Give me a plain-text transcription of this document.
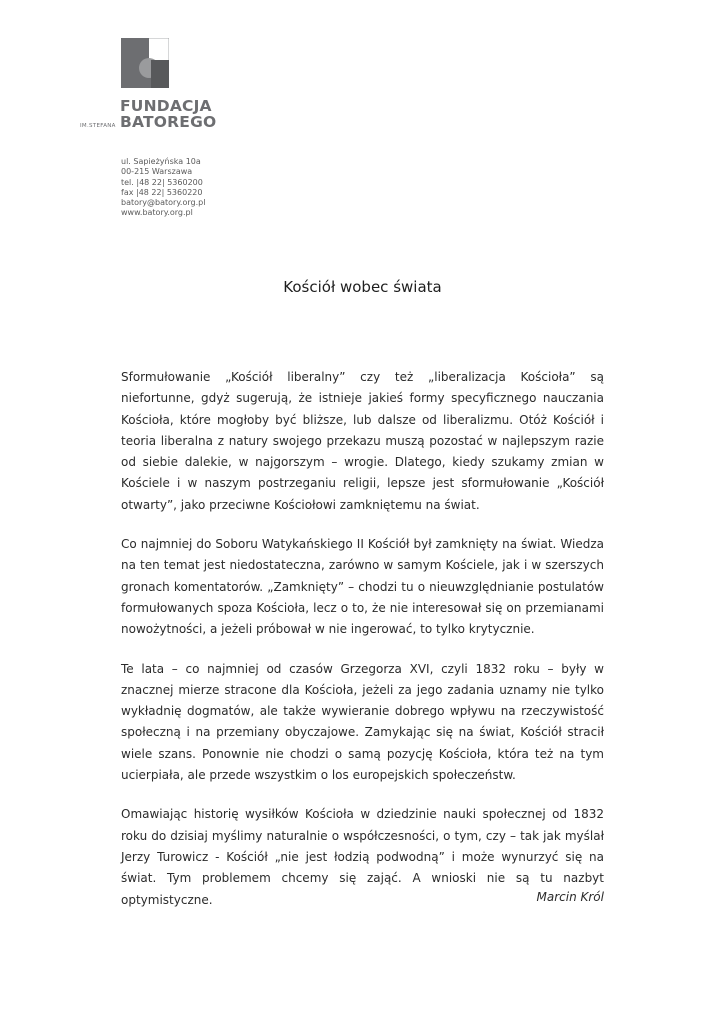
IM.STEFANA
FUNDACJA
BATOREGO
ul. Sapieżyńska 10a
00-215 Warszawa
tel. |48 22| 5360200
fax |48 22| 5360220
batory@batory.org.pl
www.batory.org.pl
Kościół wobec świata

Sformułowanie „Kościół liberalny” czy też „liberalizacja Kościoła” są niefortunne, gdyż sugerują, że istnieje jakieś formy specyficznego nauczania Kościoła, które mogłoby być bliższe, lub dalsze od liberalizmu. Otóż Kościół i teoria liberalna z natury swojego przekazu muszą pozostać w najlepszym razie od siebie dalekie, w najgorszym – wrogie. Dlatego, kiedy szukamy zmian w Kościele i w naszym postrzeganiu religii, lepsze jest sformułowanie „Kościół otwarty”, jako przeciwne Kościołowi zamkniętemu na świat.

Co najmniej do Soboru Watykańskiego II Kościół był zamknięty na świat. Wiedza na ten temat jest niedostateczna, zarówno w samym Kościele, jak i w szerszych gronach komentatorów. „Zamknięty” – chodzi tu o nieuwzględnianie postulatów formułowanych spoza Kościoła, lecz o to, że nie interesował się on przemianami nowożytności, a jeżeli próbował w nie ingerować, to tylko krytycznie.

Te lata – co najmniej od czasów Grzegorza XVI, czyli 1832 roku – były w znacznej mierze stracone dla Kościoła, jeżeli za jego zadania uznamy nie tylko wykładnię dogmatów, ale także wywieranie dobrego wpływu na rzeczywistość społeczną i na przemiany obyczajowe. Zamykając się na świat, Kościół stracił wiele szans. Ponownie nie chodzi o samą pozycję Kościoła, która też na tym ucierpiała, ale przede wszystkim o los europejskich społeczeństw.

Omawiając historię wysiłków Kościoła w dziedzinie nauki społecznej od 1832 roku do dzisiaj myślimy naturalnie o współczesności, o tym, czy – tak jak myślał Jerzy Turowicz - Kościół „nie jest łodzią podwodną” i może wynurzyć się na świat. Tym problemem chcemy się zająć. A wnioski nie są tu nazbyt optymistyczne.	Marcin Król
